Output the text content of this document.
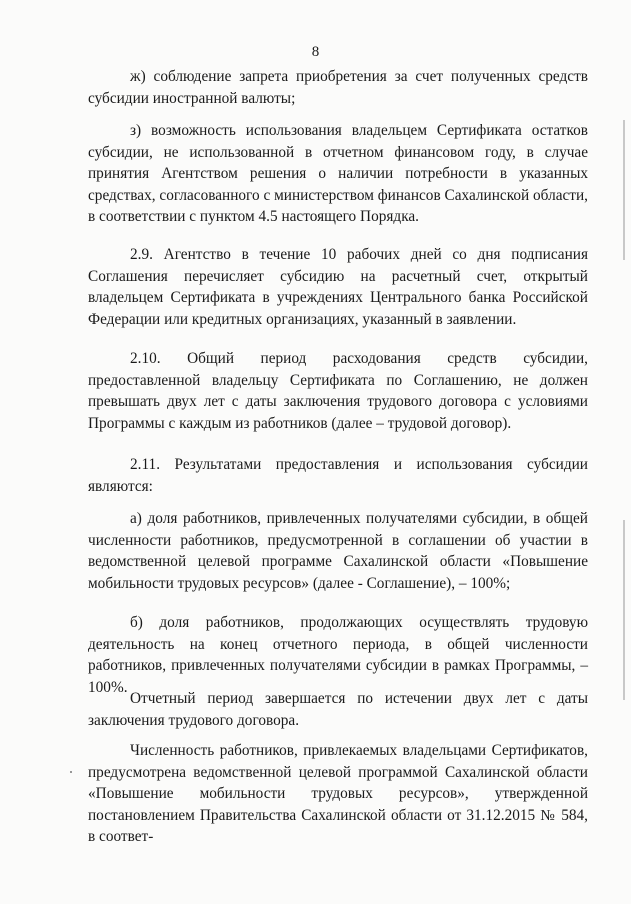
8

ж) соблюдение запрета приобретения за счет полученных средств субсидии иностранной валюты;

з) возможность использования владельцем Сертификата остатков субсидии, не использованной в отчетном финансовом году, в случае принятия Агентством решения о наличии потребности в указанных средствах, согласованного с министерством финансов Сахалинской области, в соответствии с пунктом 4.5 настоящего Порядка.

2.9. Агентство в течение 10 рабочих дней со дня подписания Соглашения перечисляет субсидию на расчетный счет, открытый владельцем Сертификата в учреждениях Центрального банка Российской Федерации или кредитных организациях, указанный в заявлении.

2.10. Общий период расходования средств субсидии, предоставленной владельцу Сертификата по Соглашению, не должен превышать двух лет с даты заключения трудового договора с условиями Программы с каждым из работников (далее – трудовой договор).

2.11. Результатами предоставления и использования субсидии являются:

а) доля работников, привлеченных получателями субсидии, в общей численности работников, предусмотренной в соглашении об участии в ведомственной целевой программе Сахалинской области «Повышение мобильности трудовых ресурсов» (далее - Соглашение), – 100%;

б) доля работников, продолжающих осуществлять трудовую деятельность на конец отчетного периода, в общей численности работников, привлеченных получателями субсидии в рамках Программы, – 100%.

Отчетный период завершается по истечении двух лет с даты заключения трудового договора.

Численность работников, привлекаемых владельцами Сертификатов, предусмотрена ведомственной целевой программой Сахалинской области «Повышение мобильности трудовых ресурсов», утвержденной постановлением Правительства Сахалинской области от 31.12.2015 № 584, в соответ-
